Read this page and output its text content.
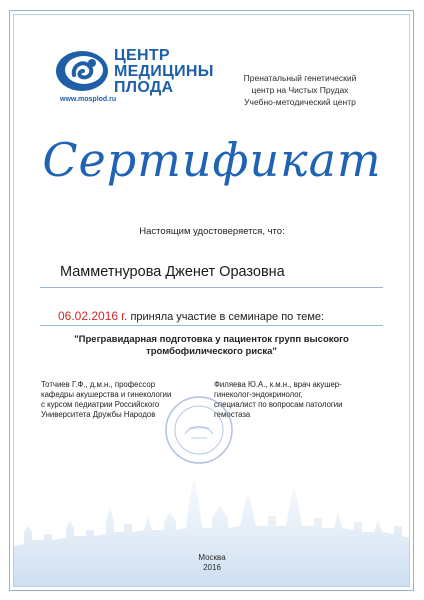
ЦЕНТР
МЕДИЦИНЫ
ПЛОДА
www.mosplod.ru
Пренатальный генетический
центр на Чистых Прудах
Учебно-методический центр
Сертификат
Настоящим удостоверяется, что:
Мамметнурова Дженет Оразовна
06.02.2016 г. приняла участие в семинаре по теме:
"Прегравидарная подготовка у пациенток групп высокого
тромбофилического риска"
Тотчиев Г.Ф., д.м.н., профессор
кафедры акушерства и гинекологии
с курсом педиатрии Российского
Университета Дружбы Народов
Филяева Ю.А., к.м.н., врач акушер-
гинеколог-эндокринолог,
специалист по вопросам патологии
гемостаза
Москва
2016
